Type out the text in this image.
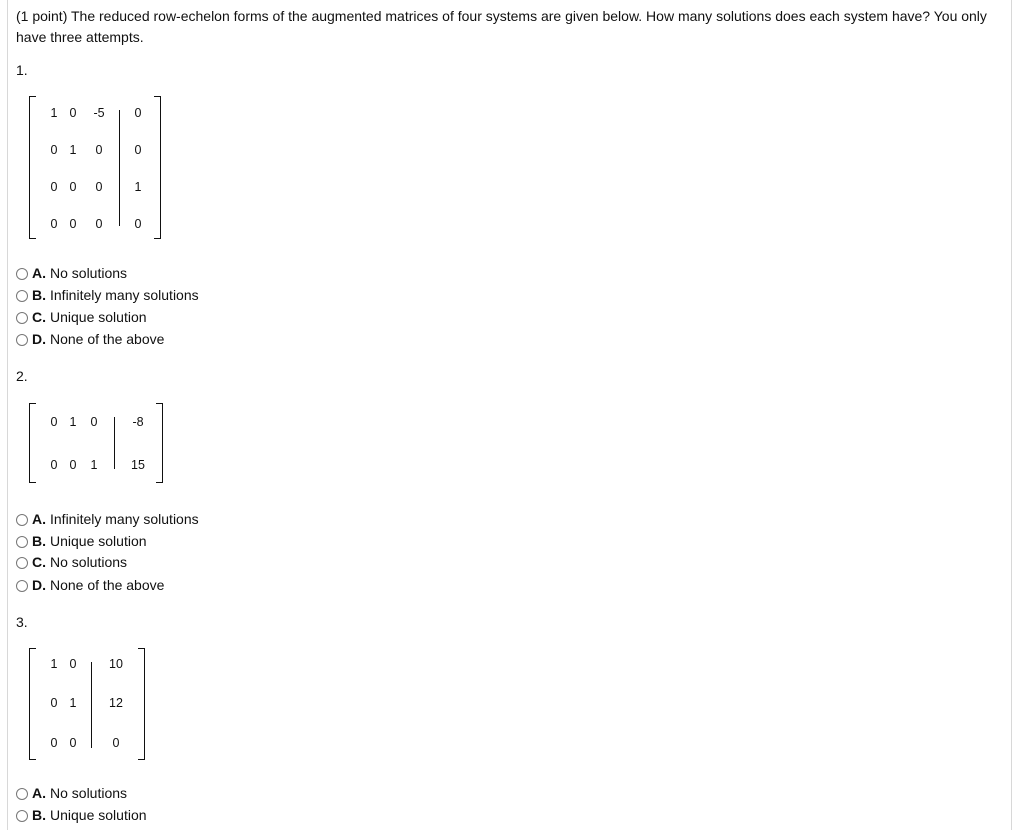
(1 point) The reduced row-echelon forms of the augmented matrices of four systems are given below. How many solutions does each system have? You only have three attempts.
1.
1 0	-5	0
0 1	0	0
0 0	0	1
0 0	0	0
A. No solutions
B. Infinitely many solutions
C. Unique solution
D. None of the above
2.
0 1	0	-8
0 0	1	15
A. Infinitely many solutions
B. Unique solution
C. No solutions
D. None of the above
3.
1 0	10
0 1	12
0 0	0
A. No solutions
B. Unique solution
